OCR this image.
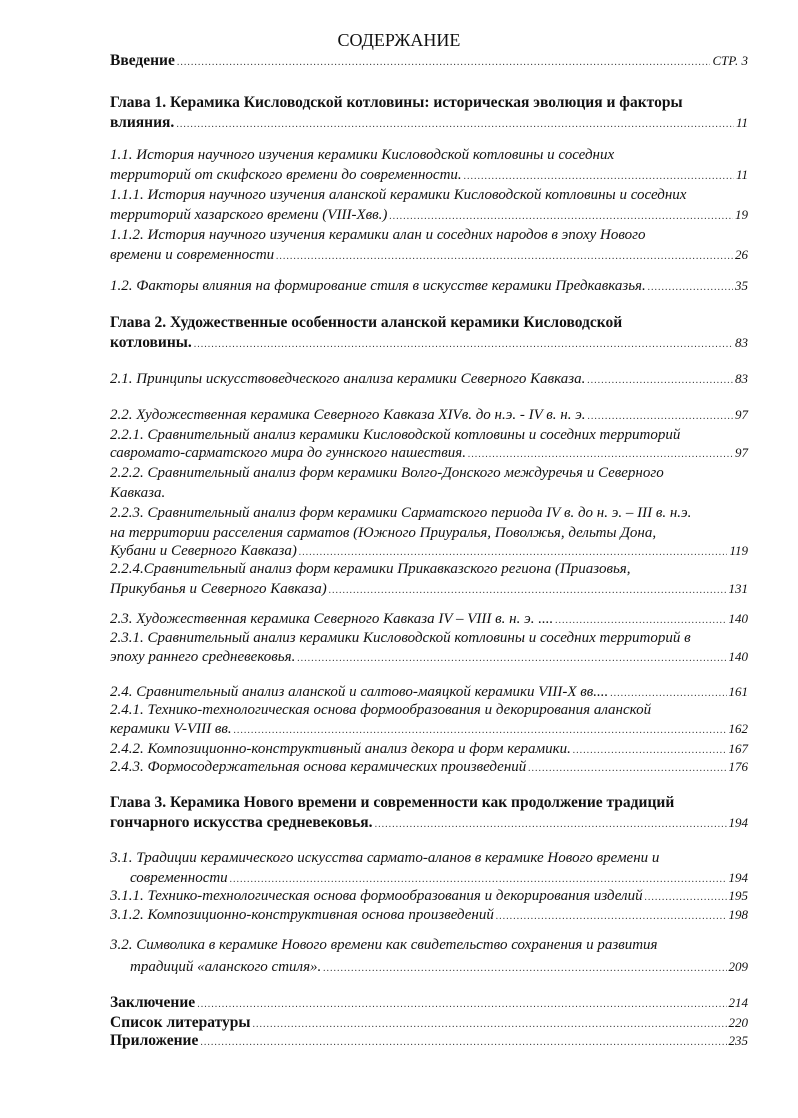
СОДЕРЖАНИЕ
Введение .....	СТР. 3
Глава 1. Керамика Кисловодской котловины: историческая эволюция и факторы
влияния. .....	11
1.1. История научного изучения керамики Кисловодской котловины и соседних
территорий от скифского времени до современности. .....	11
1.1.1. История научного изучения аланской керамики Кисловодской котловины и соседних
территорий хазарского времени (VIII-Xвв.) .....	19
1.1.2. История научного изучения керамики алан и соседних народов в эпоху Нового
времени и современности .....	26
1.2. Факторы влияния на формирование стиля в искусстве керамики Предкавказья. .....	35
Глава 2. Художественные особенности аланской керамики Кисловодской
котловины. .....	83
2.1. Принципы искусствоведческого анализа керамики Северного Кавказа. .....	83
2.2. Художественная керамика Северного Кавказа XIVв. до н.э. - IV в. н. э. .....	97
2.2.1. Сравнительный анализ керамики Кисловодской котловины и соседних территорий
савромато-сарматского мира до гуннского нашествия. .....	97
2.2.2. Сравнительный анализ форм керамики Волго-Донского междуречья и Северного
Кавказа.
2.2.3. Сравнительный анализ форм керамики Сарматского периода IV в. до н. э. – III в. н.э.
на территории расселения сарматов (Южного Приуралья, Поволжья, дельты Дона,
Кубани и Северного Кавказа) .....	119
2.2.4.Сравнительный анализ форм керамики Прикавказского региона (Приазовья,
Прикубанья и Северного Кавказа) .....	131
2.3. Художественная керамика Северного Кавказа IV – VIII в. н. э. .... .....	140
2.3.1. Сравнительный анализ керамики Кисловодской котловины и соседних территорий в
эпоху раннего средневековья. .....	140
2.4. Сравнительный анализ аланской и салтово-маяцкой керамики VIII-X вв.... .....	161
2.4.1. Технико-технологическая основа формообразования и декорирования аланской
керамики V-VIII вв. .....	162
2.4.2. Композиционно-конструктивный анализ декора и форм керамики. .....	167
2.4.3. Формосодержательная основа керамических произведений .....	176
Глава 3. Керамика Нового времени и современности как продолжение традиций
гончарного искусства средневековья. .....	194
3.1. Традиции керамического искусства сармато-аланов в керамике Нового времени и
современности .....	194
3.1.1. Технико-технологическая основа формообразования и декорирования изделий .....	195
3.1.2. Композиционно-конструктивная основа произведений .....	198
3.2. Символика в керамике Нового времени как свидетельство сохранения и развития
традиций «аланского стиля». .....	209
Заключение .....	214
Список литературы .....	220
Приложение .....	235
